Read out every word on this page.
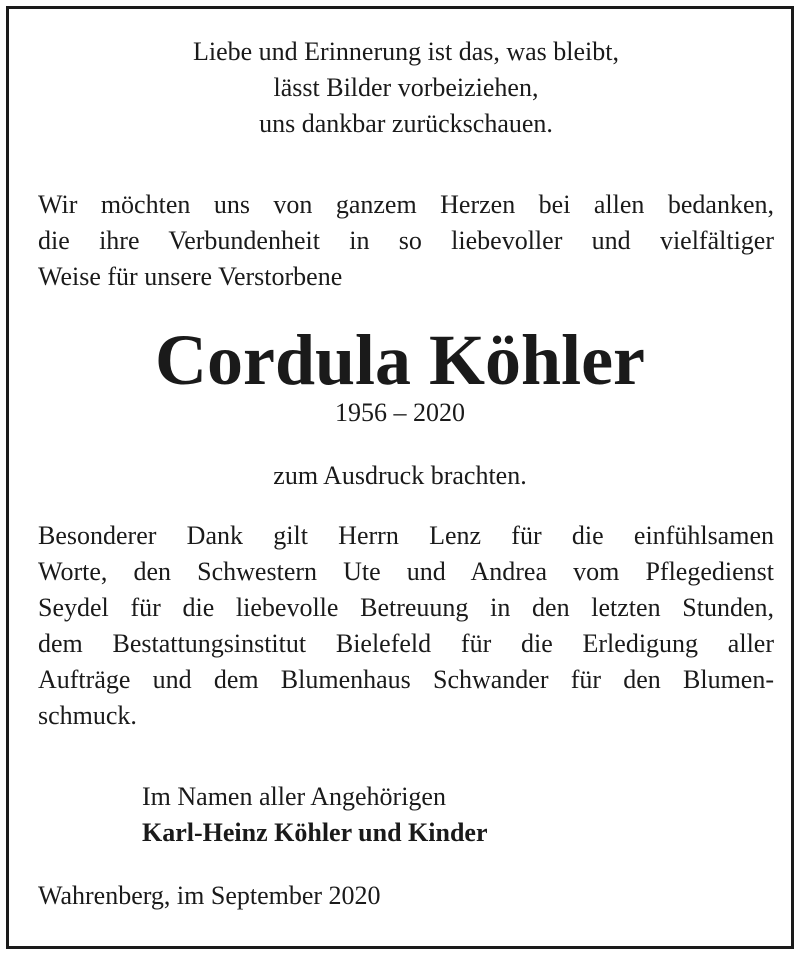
Liebe und Erinnerung ist das, was bleibt,
lässt Bilder vorbeiziehen,
uns dankbar zurückschauen.
Wir möchten uns von ganzem Herzen bei allen bedanken,
die ihre Verbundenheit in so liebevoller und vielfältiger
Weise für unsere Verstorbene
Cordula Köhler
1956 – 2020
zum Ausdruck brachten.
Besonderer Dank gilt Herrn Lenz für die einfühlsamen
Worte, den Schwestern Ute und Andrea vom Pflegedienst
Seydel für die liebevolle Betreuung in den letzten Stunden,
dem Bestattungsinstitut Bielefeld für die Erledigung aller
Aufträge und dem Blumenhaus Schwander für den Blumen-
schmuck.
Im Namen aller Angehörigen
Karl-Heinz Köhler und Kinder
Wahrenberg, im September 2020
